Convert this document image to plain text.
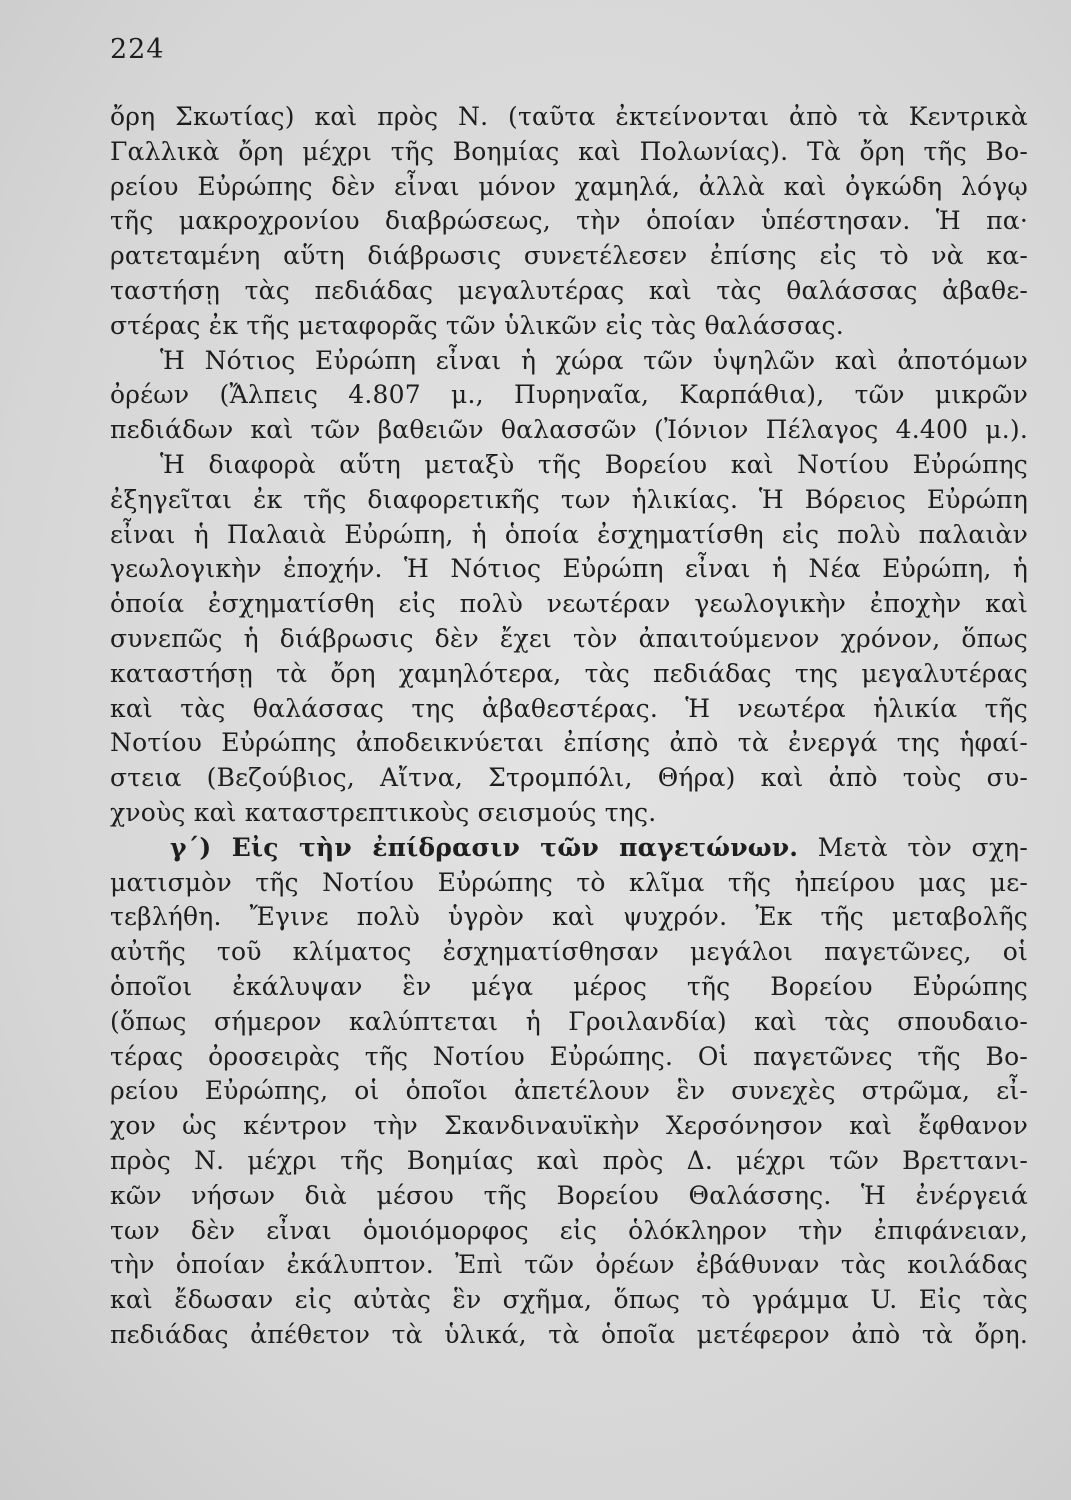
224
ὄρη Σκωτίας) καὶ πρὸς Ν. (ταῦτα ἐκτείνονται ἀπὸ τὰ Κεντρικὰ
Γαλλικὰ ὄρη μέχρι τῆς Βοημίας καὶ Πολωνίας). Τὰ ὄρη τῆς Βο-
ρείου Εὐρώπης δὲν εἶναι μόνον χαμηλά, ἀλλὰ καὶ ὀγκώδη λόγῳ
τῆς μακροχρονίου διαβρώσεως, τὴν ὁποίαν ὑπέστησαν. Ἡ πα·
ρατεταμένη αὕτη διάβρωσις συνετέλεσεν ἐπίσης εἰς τὸ νὰ κα-
ταστήσῃ τὰς πεδιάδας μεγαλυτέρας καὶ τὰς θαλάσσας ἀβαθε-
στέρας ἐκ τῆς μεταφορᾶς τῶν ὑλικῶν εἰς τὰς θαλάσσας.
Ἡ Νότιος Εὐρώπη εἶναι ἡ χώρα τῶν ὑψηλῶν καὶ ἀποτόμων
ὀρέων (Ἄλπεις 4.807 μ., Πυρηναῖα, Καρπάθια), τῶν μικρῶν
πεδιάδων καὶ τῶν βαθειῶν θαλασσῶν (Ἰόνιον Πέλαγος 4.400 μ.).
Ἡ διαφορὰ αὕτη μεταξὺ τῆς Βορείου καὶ Νοτίου Εὐρώπης
ἐξηγεῖται ἐκ τῆς διαφορετικῆς των ἡλικίας. Ἡ Βόρειος Εὐρώπη
εἶναι ἡ Παλαιὰ Εὐρώπη, ἡ ὁποία ἐσχηματίσθη εἰς πολὺ παλαιὰν
γεωλογικὴν ἐποχήν. Ἡ Νότιος Εὐρώπη εἶναι ἡ Νέα Εὐρώπη, ἡ
ὁποία ἐσχηματίσθη εἰς πολὺ νεωτέραν γεωλογικὴν ἐποχὴν καὶ
συνεπῶς ἡ διάβρωσις δὲν ἔχει τὸν ἀπαιτούμενον χρόνον, ὅπως
καταστήσῃ τὰ ὄρη χαμηλότερα, τὰς πεδιάδας της μεγαλυτέρας
καὶ τὰς θαλάσσας της ἀβαθεστέρας. Ἡ νεωτέρα ἡλικία τῆς
Νοτίου Εὐρώπης ἀποδεικνύεται ἐπίσης ἀπὸ τὰ ἐνεργά της ἡφαί-
στεια (Βεζούβιος, Αἴτνα, Στρομπόλι, Θήρα) καὶ ἀπὸ τοὺς συ-
χνοὺς καὶ καταστρεπτικοὺς σεισμούς της.
γ΄) Εἰς τὴν ἐπίδρασιν τῶν παγετώνων. Μετὰ τὸν σχη-
ματισμὸν τῆς Νοτίου Εὐρώπης τὸ κλῖμα τῆς ἠπείρου μας με-
τεβλήθη. Ἔγινε πολὺ ὑγρὸν καὶ ψυχρόν. Ἐκ τῆς μεταβολῆς
αὐτῆς τοῦ κλίματος ἐσχηματίσθησαν μεγάλοι παγετῶνες, οἱ
ὁποῖοι ἐκάλυψαν ἓν μέγα μέρος τῆς Βορείου Εὐρώπης
(ὅπως σήμερον καλύπτεται ἡ Γροιλανδία) καὶ τὰς σπουδαιο-
τέρας ὀροσειρὰς τῆς Νοτίου Εὐρώπης. Οἱ παγετῶνες τῆς Βο-
ρείου Εὐρώπης, οἱ ὁποῖοι ἀπετέλουν ἓν συνεχὲς στρῶμα, εἶ-
χον ὡς κέντρον τὴν Σκανδιναυϊκὴν Χερσόνησον καὶ ἔφθανον
πρὸς Ν. μέχρι τῆς Βοημίας καὶ πρὸς Δ. μέχρι τῶν Βρεττανι-
κῶν νήσων διὰ μέσου τῆς Βορείου Θαλάσσης. Ἡ ἐνέργειά
των δὲν εἶναι ὁμοιόμορφος εἰς ὁλόκληρον τὴν ἐπιφάνειαν,
τὴν ὁποίαν ἐκάλυπτον. Ἐπὶ τῶν ὀρέων ἐβάθυναν τὰς κοιλάδας
καὶ ἔδωσαν εἰς αὐτὰς ἓν σχῆμα, ὅπως τὸ γράμμα U. Εἰς τὰς
πεδιάδας ἀπέθετον τὰ ὑλικά, τὰ ὁποῖα μετέφερον ἀπὸ τὰ ὄρη.
